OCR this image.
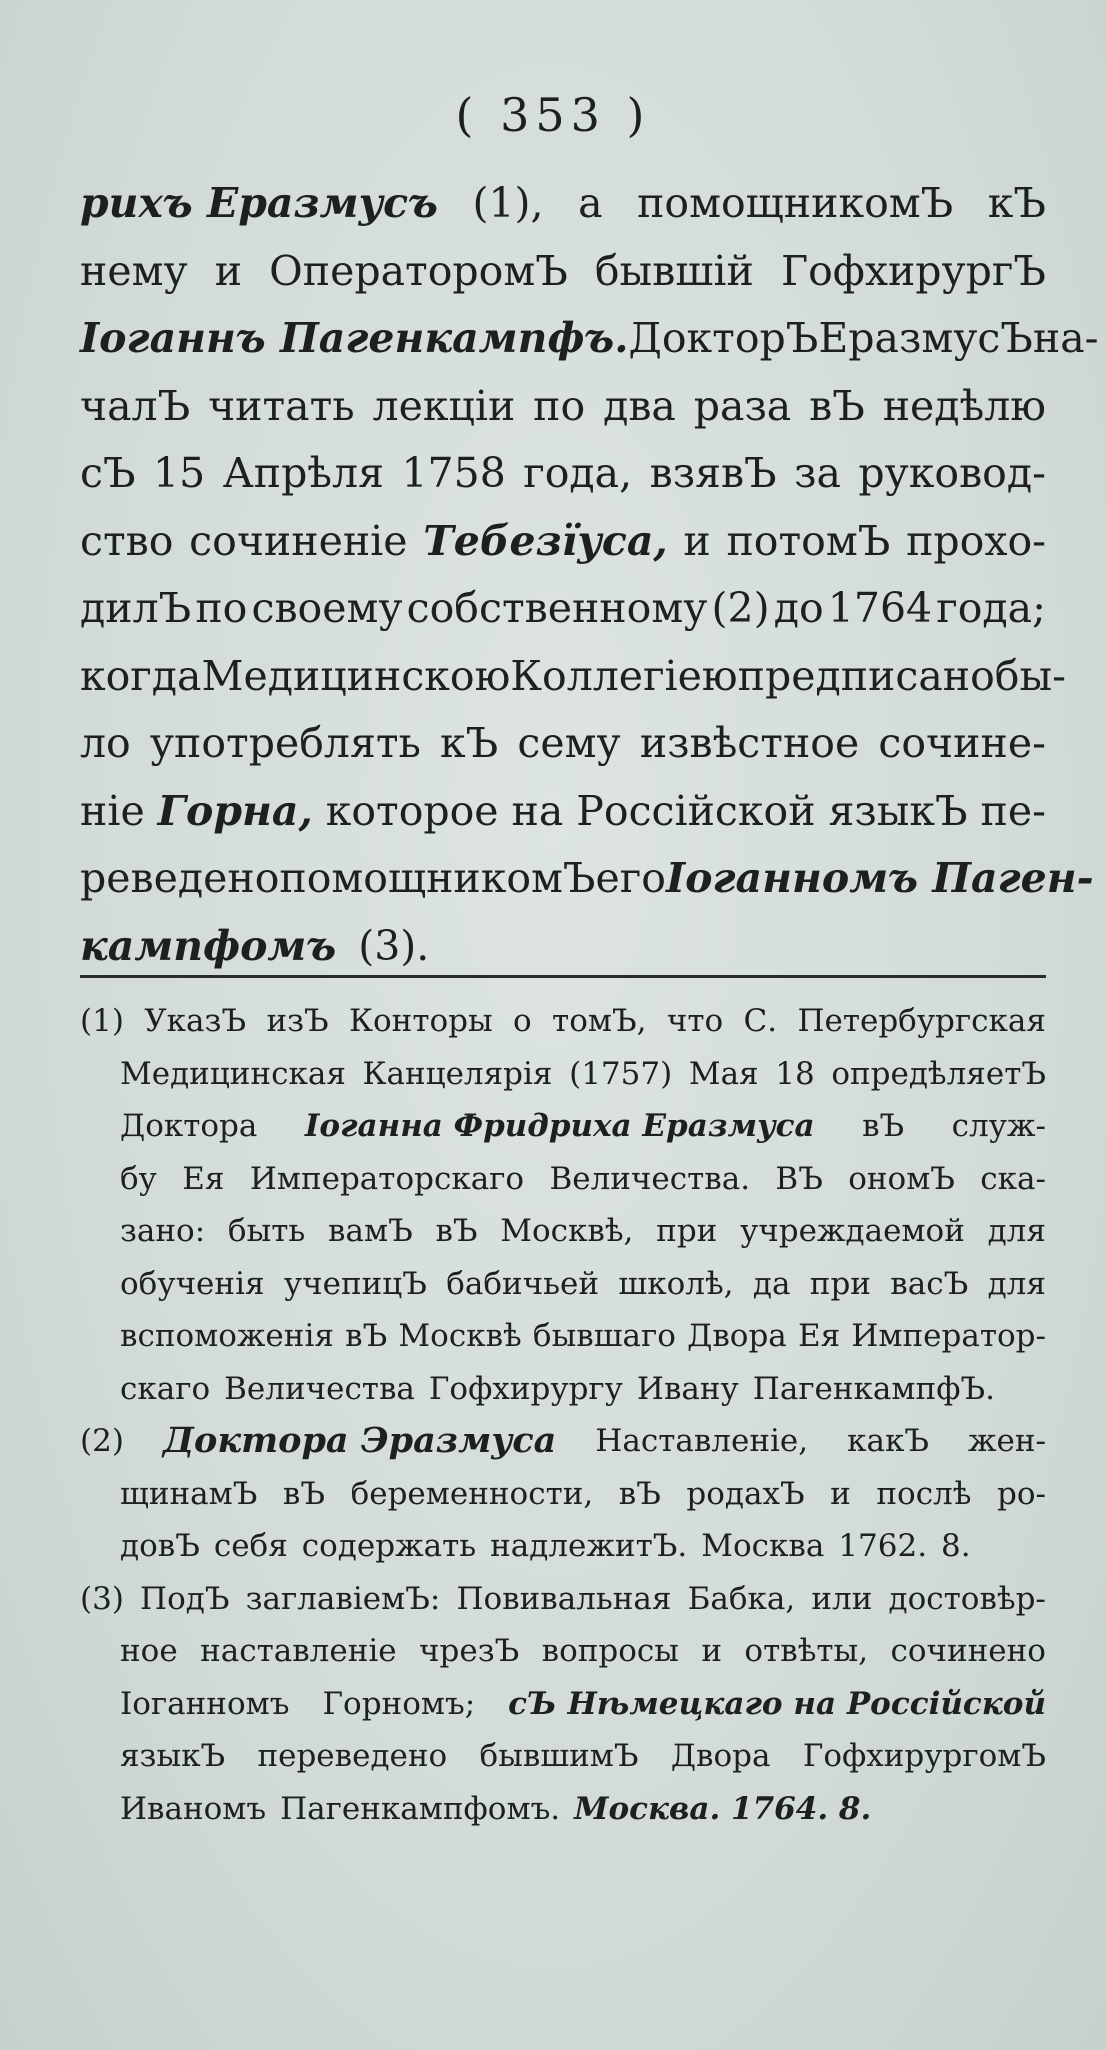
( 353 )
рихъ Еразмусъ (1), а помощникомЪ кЪ
нему и ОператоромЪ бывшій ГофхирургЪ
Іоганнъ Пагенкампфъ. ДокторЪ ЕразмусЪ на-
чалЪ читать лекціи по два раза вЪ недѣлю
сЪ 15 Апрѣля 1758 года, взявЪ за руковод-
ство сочиненіе Тебезїуса, и потомЪ прохо-
дилЪ по своему собственному (2) до 1764 года;
когда Медицинскою Коллегіею предписано бы-
ло употреблять кЪ сему извѣстное сочине-
ніе Горна, которое на Россійской языкЪ пе-
реведено помощникомЪ его Іоганномъ Паген-
кампфомъ (3).
(1) УказЪ изЪ Конторы о томЪ, что С. Петербургская
Медицинская Канцелярія (1757) Мая 18 опредѣляетЪ
Доктора Іоганна Фридриха Еразмуса вЪ служ-
бу Ея Императорскаго Величества. ВЪ ономЪ ска-
зано: быть вамЪ вЪ Москвѣ, при учреждаемой для
обученія учепицЪ бабичьей школѣ, да при васЪ для
вспоможенія вЪ Москвѣ бывшаго Двора Ея Император-
скаго Величества Гофхирургу Ивану ПагенкампфЪ.
(2) Доктора Эразмуса Наставленіе, какЪ жен-
щинамЪ вЪ беременности, вЪ родахЪ и послѣ ро-
довЪ себя содержать надлежитЪ. Москва 1762. 8.
(3) ПодЪ заглавіемЪ: Повивальная Бабка, или достовѣр-
ное наставленіе чрезЪ вопросы и отвѣты, сочинено
Іоганномъ Горномъ; сЪ Нѣмецкаго на Россійской
языкЪ переведено бывшимЪ Двора ГофхирургомЪ
Иваномъ Пагенкампфомъ. Москва. 1764. 8.
